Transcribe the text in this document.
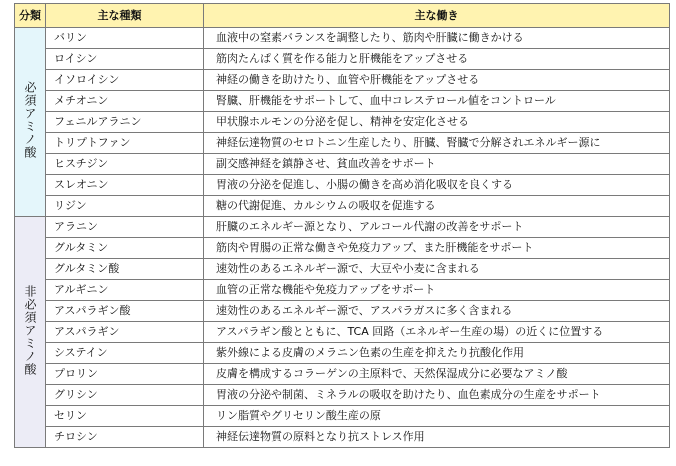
分類	主な種類	主な働き
必須アミノ酸	バリン	血液中の窒素バランスを調整したり、筋肉や肝臓に働きかける
	ロイシン	筋肉たんぱく質を作る能力と肝機能をアップさせる
	イソロイシン	神経の働きを助けたり、血管や肝機能をアップさせる
	メチオニン	腎臓、肝機能をサポートして、血中コレステロール値をコントロール
	フェニルアラニン	甲状腺ホルモンの分泌を促し、精神を安定化させる
	トリプトファン	神経伝達物質のセロトニン生産したり、肝臓、腎臓で分解されエネルギー源に
	ヒスチジン	副交感神経を鎮静させ、貧血改善をサポート
	スレオニン	胃液の分泌を促進し、小腸の働きを高め消化吸収を良くする
	リジン	糖の代謝促進、カルシウムの吸収を促進する
非必須アミノ酸	アラニン	肝臓のエネルギー源となり、アルコール代謝の改善をサポート
	グルタミン	筋肉や胃腸の正常な働きや免疫力アップ、また肝機能をサポート
	グルタミン酸	速効性のあるエネルギー源で、大豆や小麦に含まれる
	アルギニン	血管の正常な機能や免疫力アップをサポート
	アスパラギン酸	速効性のあるエネルギー源で、アスパラガスに多く含まれる
	アスパラギン	アスパラギン酸とともに、TCA 回路（エネルギー生産の場）の近くに位置する
	システイン	紫外線による皮膚のメラニン色素の生産を抑えたり抗酸化作用
	プロリン	皮膚を構成するコラーゲンの主原料で、天然保湿成分に必要なアミノ酸
	グリシン	胃液の分泌や制菌、ミネラルの吸収を助けたり、血色素成分の生産をサポート
	セリン	リン脂質やグリセリン酸生産の原
	チロシン	神経伝達物質の原料となり抗ストレス作用
